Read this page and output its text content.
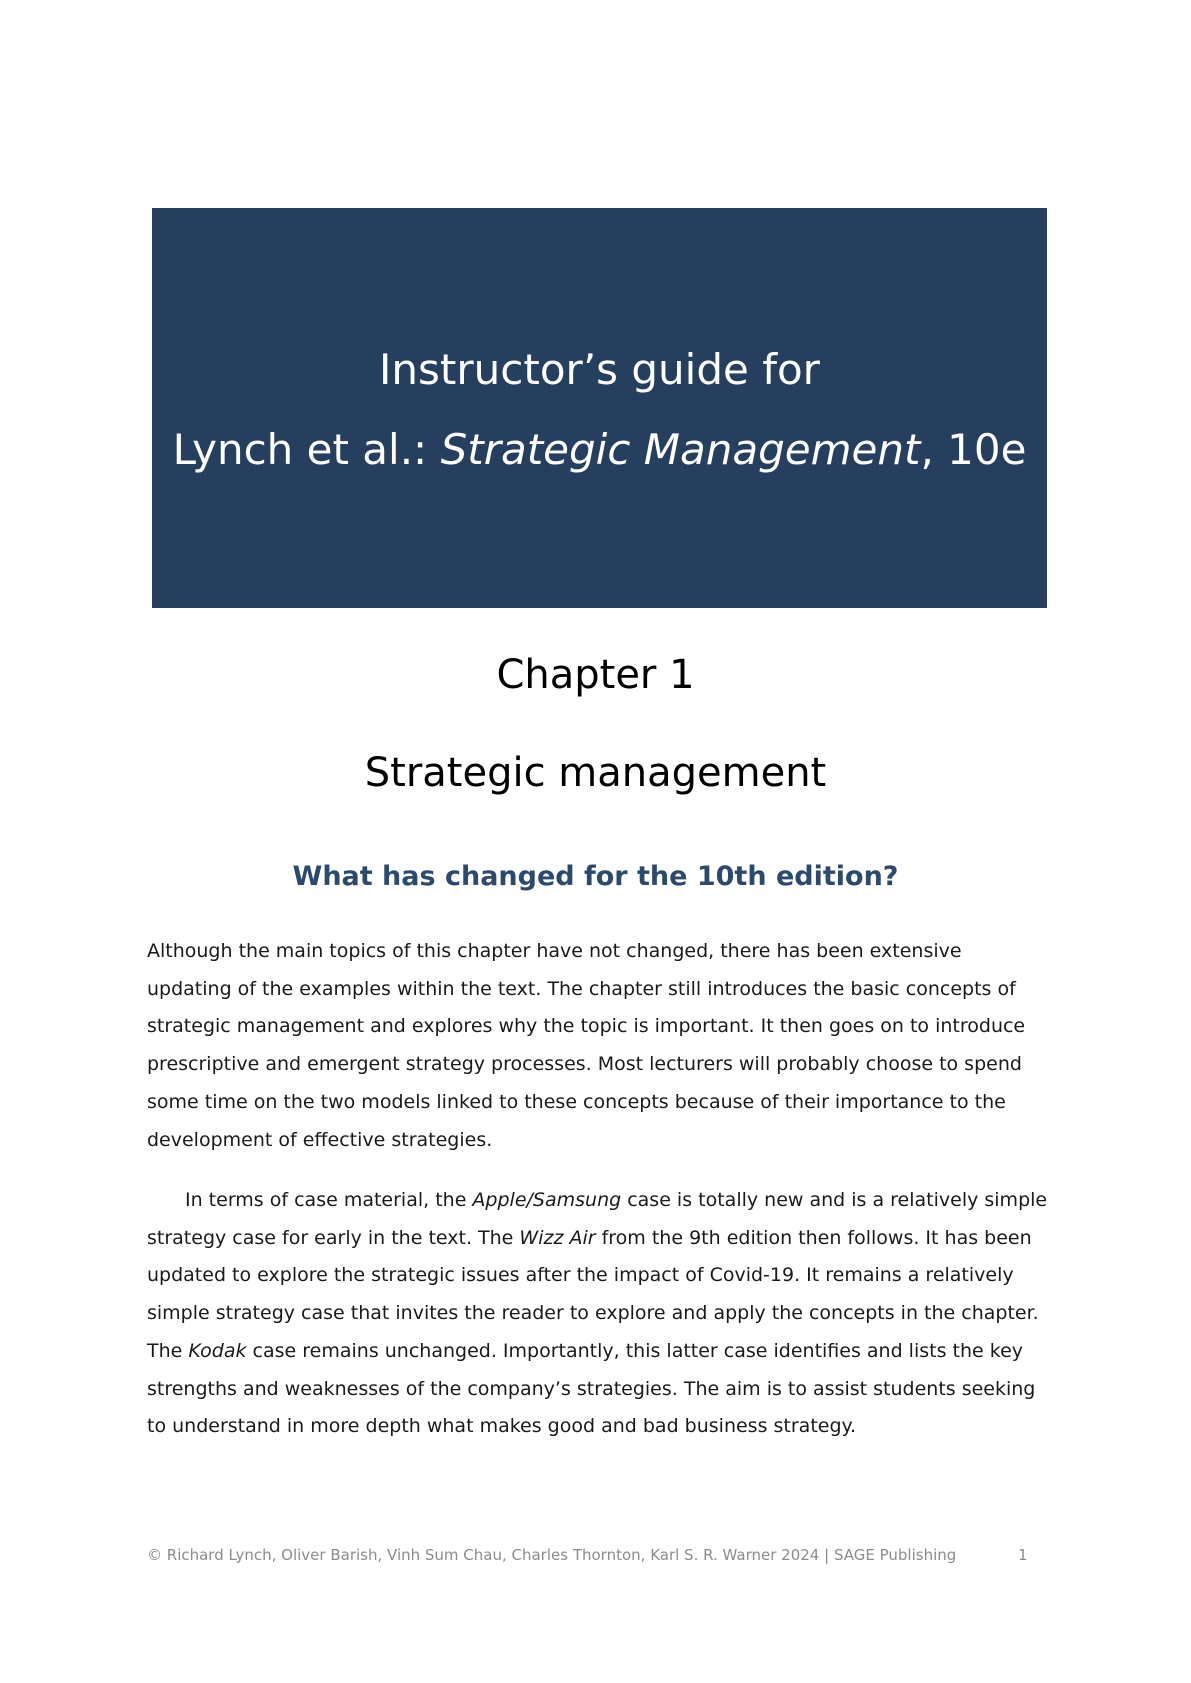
Instructor’s guide for
Lynch et al.: Strategic Management, 10e
Chapter 1
Strategic management
What has changed for the 10th edition?

Although the main topics of this chapter have not changed, there has been extensive updating of the examples within the text. The chapter still introduces the basic concepts of strategic management and explores why the topic is important. It then goes on to introduce prescriptive and emergent strategy processes. Most lecturers will probably choose to spend some time on the two models linked to these concepts because of their importance to the development of effective strategies.

In terms of case material, the Apple/Samsung case is totally new and is a relatively simple strategy case for early in the text. The Wizz Air from the 9th edition then follows. It has been updated to explore the strategic issues after the impact of Covid-19. It remains a relatively simple strategy case that invites the reader to explore and apply the concepts in the chapter. The Kodak case remains unchanged. Importantly, this latter case identifies and lists the key strengths and weaknesses of the company’s strategies. The aim is to assist students seeking to understand in more depth what makes good and bad business strategy.

© Richard Lynch, Oliver Barish, Vinh Sum Chau, Charles Thornton, Karl S. R. Warner 2024 | SAGE Publishing	1
